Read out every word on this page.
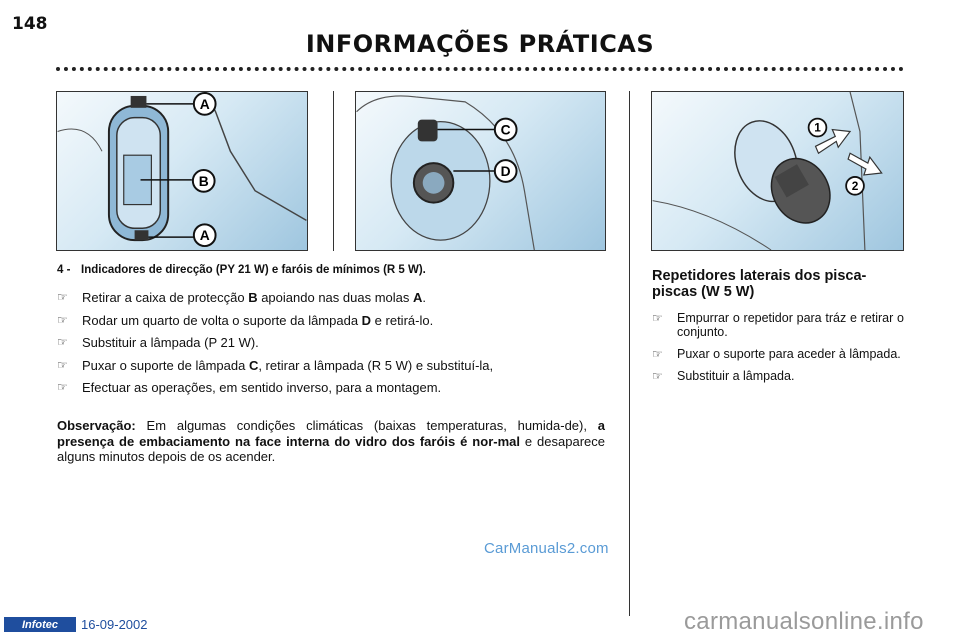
148
INFORMAÇÕES PRÁTICAS
A
B
A
C
D
1
2
4 - Indicadores de direcção (PY 21 W) e faróis de mínimos (R 5 W).
☞	Retirar a caixa de protecção B apoiando nas duas molas A.
☞	Rodar um quarto de volta o suporte da lâmpada D e retirá-lo.
☞	Substituir a lâmpada (P 21 W).
☞	Puxar o suporte de lâmpada C, retirar a lâmpada (R 5 W) e substituí-la,
☞	Efectuar as operações, em sentido inverso, para a montagem.

Observação: Em algumas condições climáticas (baixas temperaturas, humida-de), a presença de embaciamento na face interna do vidro dos faróis é nor-mal e desaparece alguns minutos depois de os acender.

Repetidores laterais dos pisca-piscas (W 5 W)
☞	Empurrar o repetidor para tráz e retirar o conjunto.
☞	Puxar o suporte para aceder à lâmpada.
☞	Substituir a lâmpada.
CarManuals2.com
Infotec	16-09-2002	carmanualsonline.info
